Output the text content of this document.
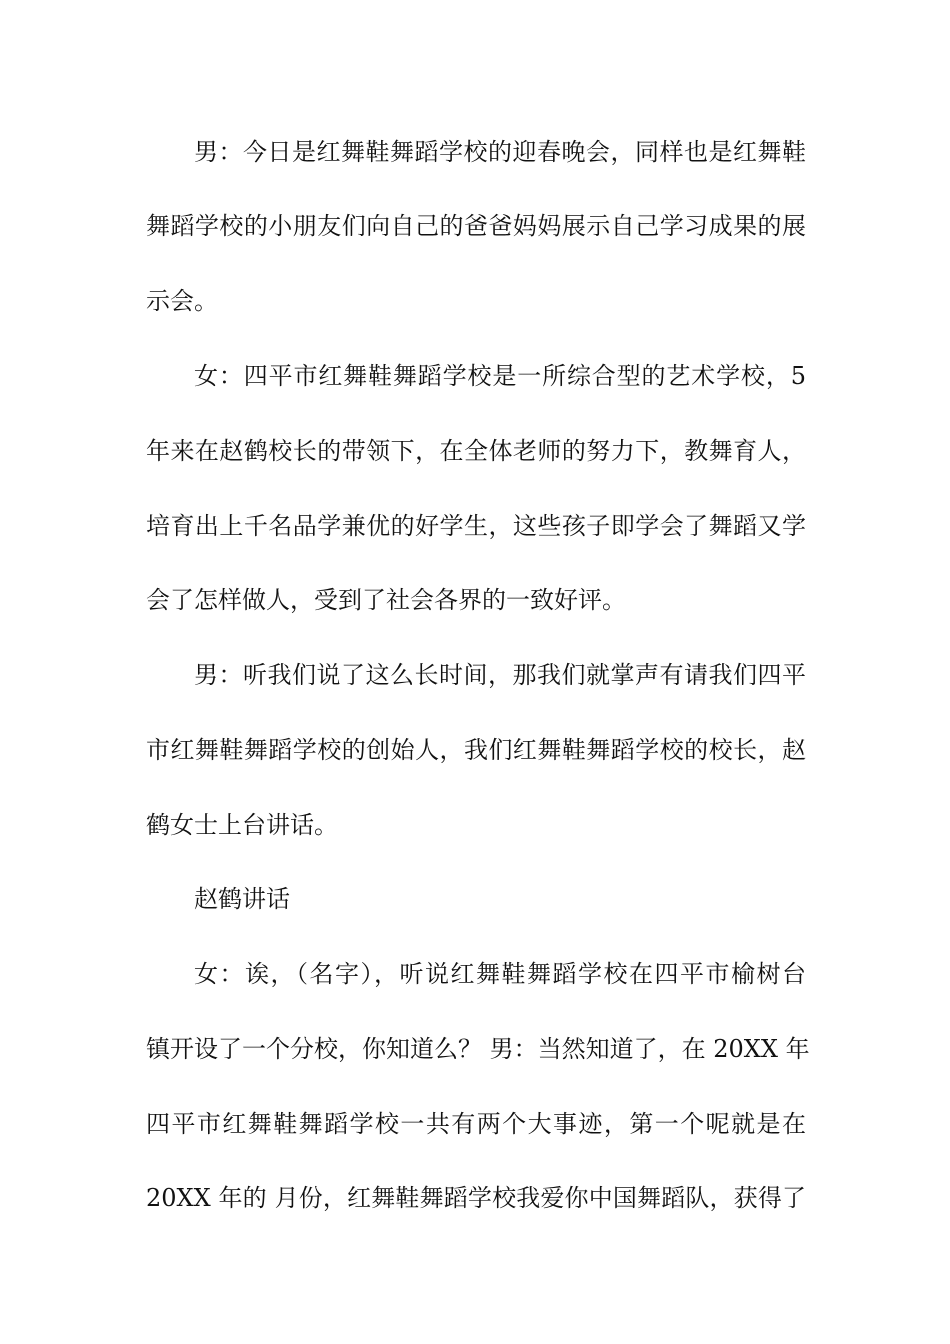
男：今日是红舞鞋舞蹈学校的迎春晚会，同样也是红舞鞋
舞蹈学校的小朋友们向自己的爸爸妈妈展示自己学习成果的展
示会。
女：四平市红舞鞋舞蹈学校是一所综合型的艺术学校，5
年来在赵鹤校长的带领下，在全体老师的努力下，教舞育人，
培育出上千名品学兼优的好学生，这些孩子即学会了舞蹈又学
会了怎样做人，受到了社会各界的一致好评。
男：听我们说了这么长时间，那我们就掌声有请我们四平
市红舞鞋舞蹈学校的创始人，我们红舞鞋舞蹈学校的校长，赵
鹤女士上台讲话。
赵鹤讲话
女：诶，（名字），听说红舞鞋舞蹈学校在四平市榆树台
镇开设了一个分校，你知道么？ 男：当然知道了，在 20XX 年
四平市红舞鞋舞蹈学校一共有两个大事迹，第一个呢就是在
20XX 年的 月份，红舞鞋舞蹈学校我爱你中国舞蹈队，获得了
